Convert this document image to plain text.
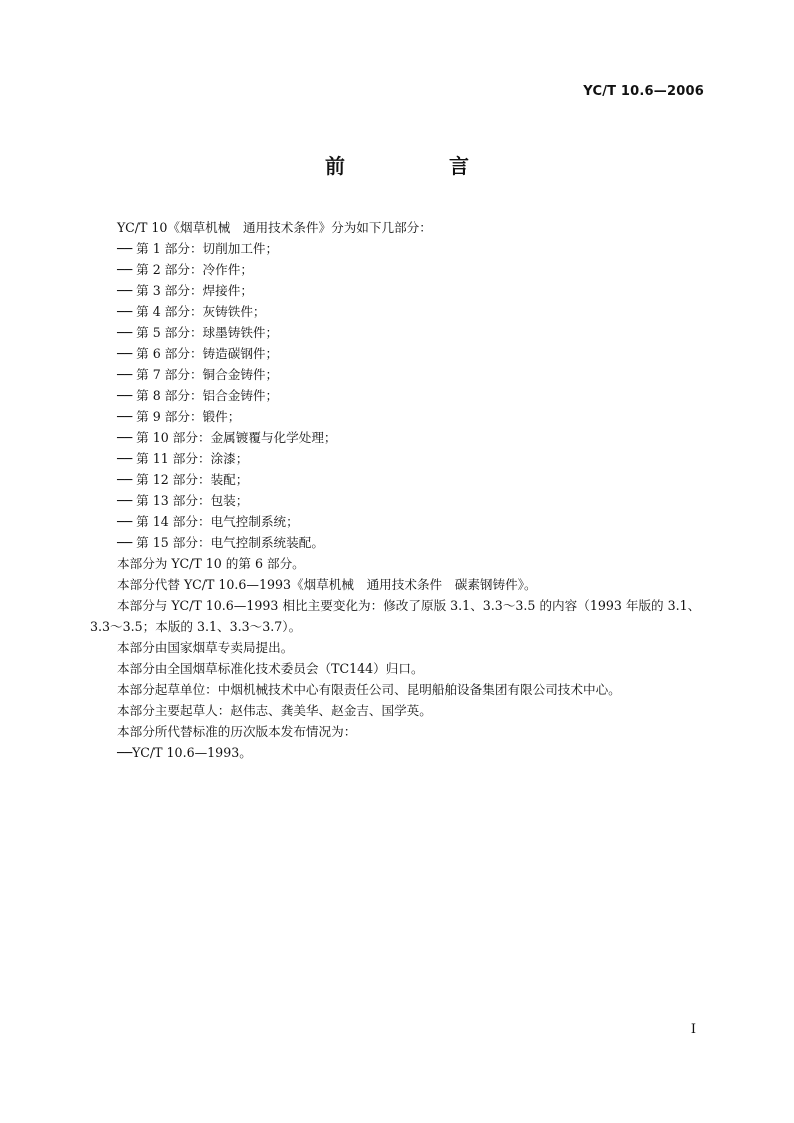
YC/T 10.6—2006
前　言
YC/T 10《烟草机械　通用技术条件》分为如下几部分：
── 第 1 部分：切削加工件；
── 第 2 部分：冷作件；
── 第 3 部分：焊接件；
── 第 4 部分：灰铸铁件；
── 第 5 部分：球墨铸铁件；
── 第 6 部分：铸造碳钢件；
── 第 7 部分：铜合金铸件；
── 第 8 部分：铝合金铸件；
── 第 9 部分：锻件；
── 第 10 部分：金属镀覆与化学处理；
── 第 11 部分：涂漆；
── 第 12 部分：装配；
── 第 13 部分：包装；
── 第 14 部分：电气控制系统；
── 第 15 部分：电气控制系统装配。
本部分为 YC/T 10 的第 6 部分。
本部分代替 YC/T 10.6—1993《烟草机械　通用技术条件　碳素钢铸件》。
本部分与 YC/T 10.6—1993 相比主要变化为：修改了原版 3.1、3.3～3.5 的内容（1993 年版的 3.1、3.3～3.5；本版的 3.1、3.3～3.7）。
本部分由国家烟草专卖局提出。
本部分由全国烟草标准化技术委员会（TC144）归口。
本部分起草单位：中烟机械技术中心有限责任公司、昆明船舶设备集团有限公司技术中心。
本部分主要起草人：赵伟志、龚美华、赵金吉、国学英。
本部分所代替标准的历次版本发布情况为：
──YC/T 10.6—1993。
I
